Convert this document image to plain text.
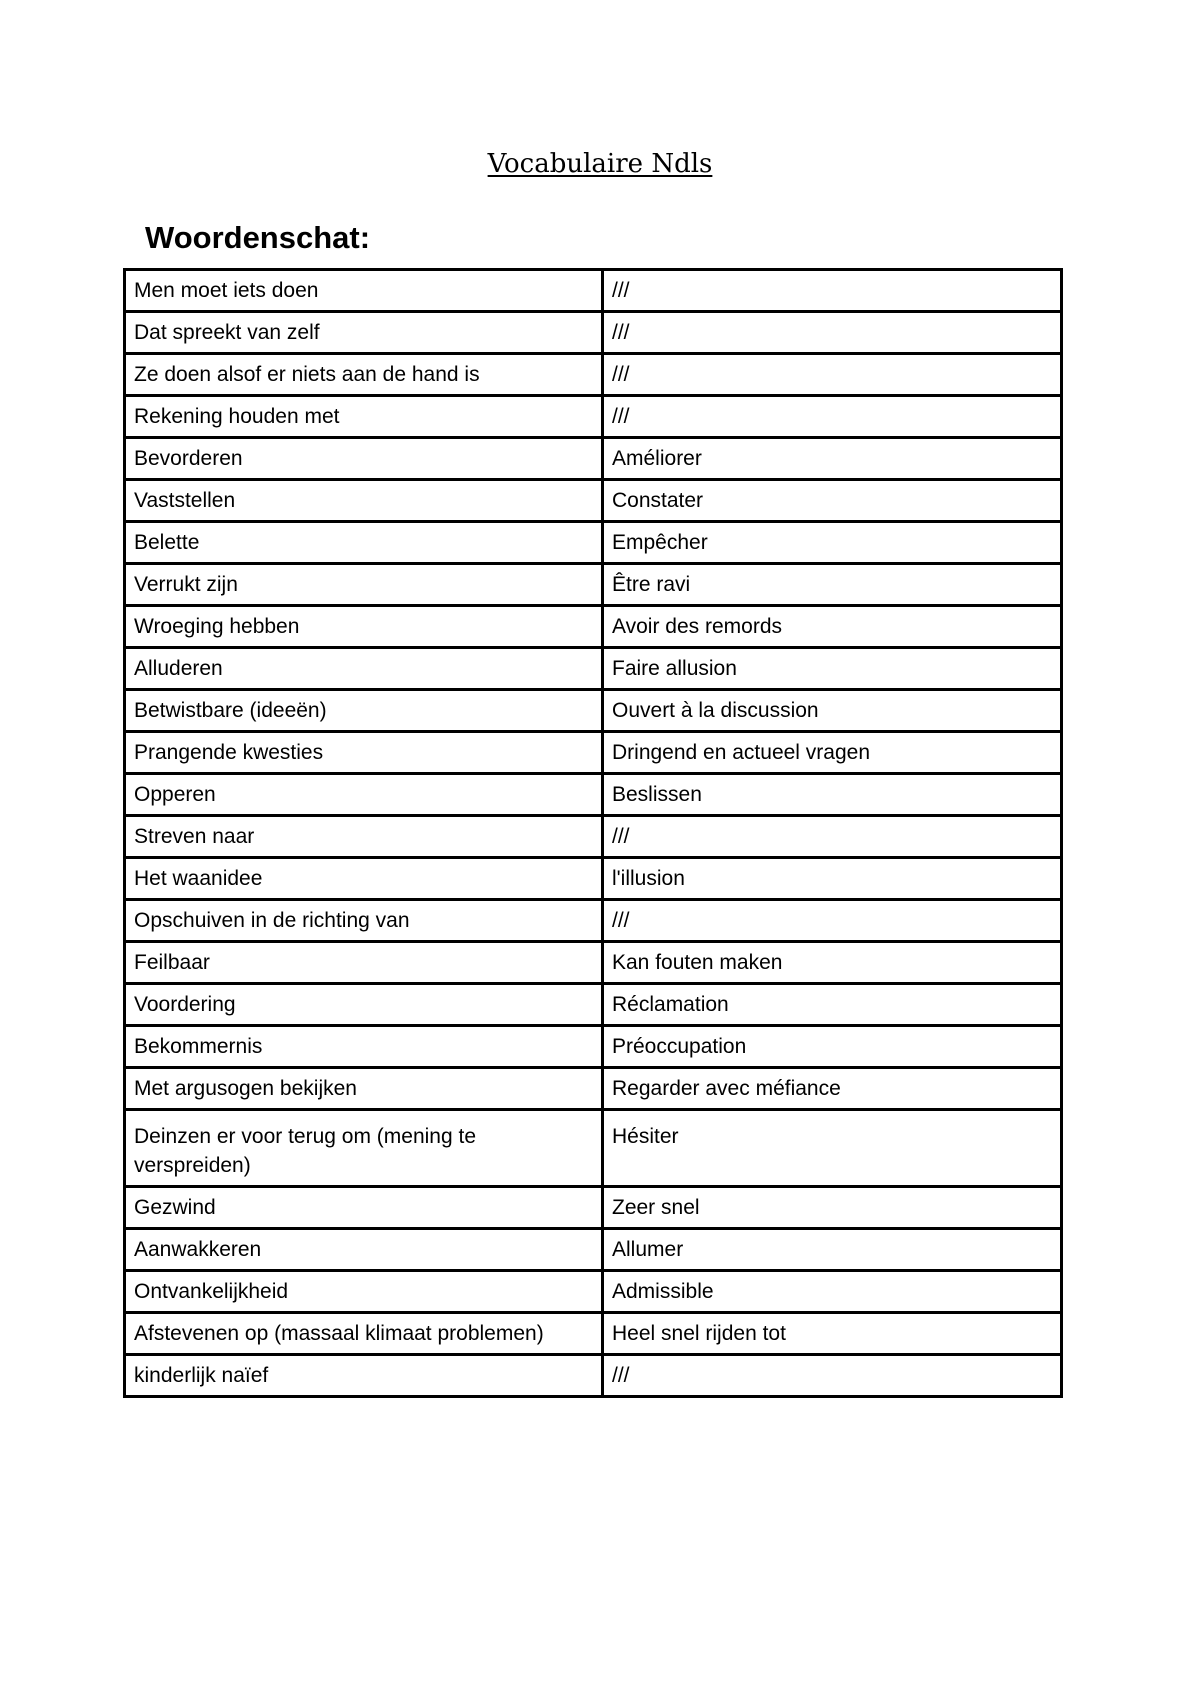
Vocabulaire Ndls
Woordenschat:
Men moet iets doen	///
Dat spreekt van zelf	///
Ze doen alsof er niets aan de hand is	///
Rekening houden met	///
Bevorderen	Améliorer
Vaststellen	Constater
Belette	Empêcher
Verrukt zijn	Être ravi
Wroeging hebben	Avoir des remords
Alluderen	Faire allusion
Betwistbare (ideeën)	Ouvert à la discussion
Prangende kwesties	Dringend en actueel vragen
Opperen	Beslissen
Streven naar	///
Het waanidee	l'illusion
Opschuiven in de richting van	///
Feilbaar	Kan fouten maken
Voordering	Réclamation
Bekommernis	Préoccupation
Met argusogen bekijken	Regarder avec méfiance
Deinzen er voor terug om (mening te verspreiden)	Hésiter
Gezwind	Zeer snel
Aanwakkeren	Allumer
Ontvankelijkheid	Admissible
Afstevenen op (massaal klimaat problemen)	Heel snel rijden tot
kinderlijk naïef	///
